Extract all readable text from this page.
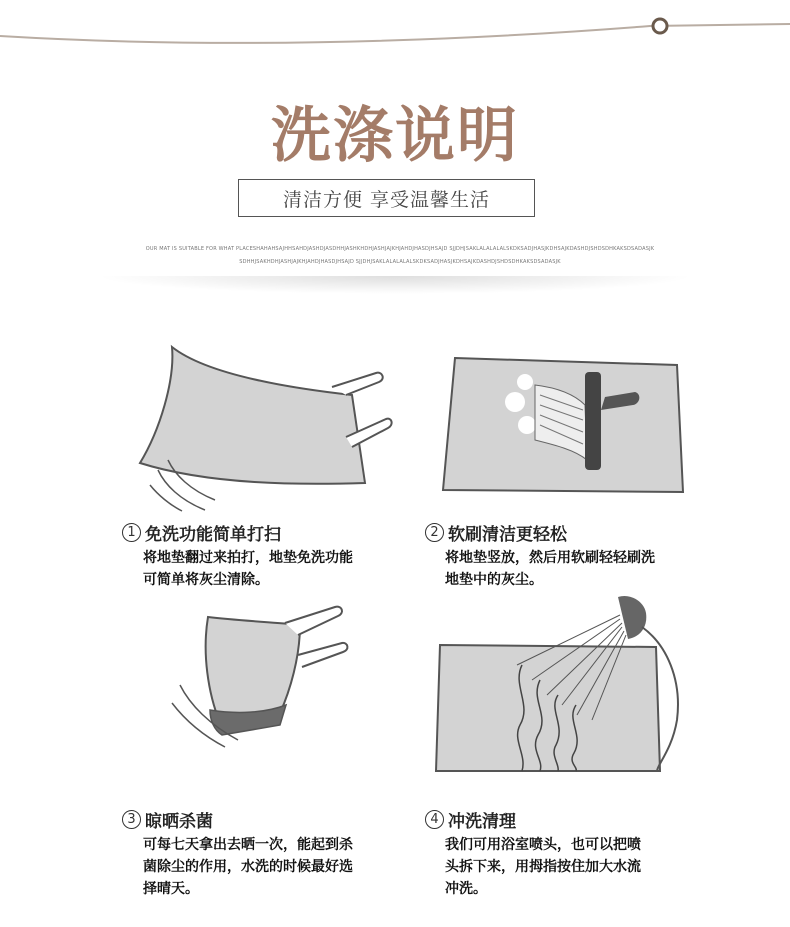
洗涤说明
清洁方便 享受温馨生活
OUR MAT IS SUITABLE FOR WHAT PLACESHAHAHSAJHHSAHDJASHDJASDHHJASHKHDHJASHJAJKHJAHDJHASDJHSAJD SJJDHJSAKLALALALALSKDKSADJHASJKDHSAJKDASHDJSHDSDHKAKSDSADASJK
SDHHJSAKHDHJASHJAJKHJAHDJHASDJHSAJD SJJDHJSAKLALALALALSKDKSADJHASJKDHSAJKDASHDJSHDSDHKAKSDSADASJK
1 免洗功能简单打扫
将地垫翻过来拍打，地垫免洗功能
可简单将灰尘清除。
2 软刷清洁更轻松
将地垫竖放，然后用软刷轻轻刷洗
地垫中的灰尘。
3 晾晒杀菌
可每七天拿出去晒一次，能起到杀
菌除尘的作用，水洗的时候最好选
择晴天。
4 冲洗清理
我们可用浴室喷头，也可以把喷
头拆下来，用拇指按住加大水流
冲洗。
